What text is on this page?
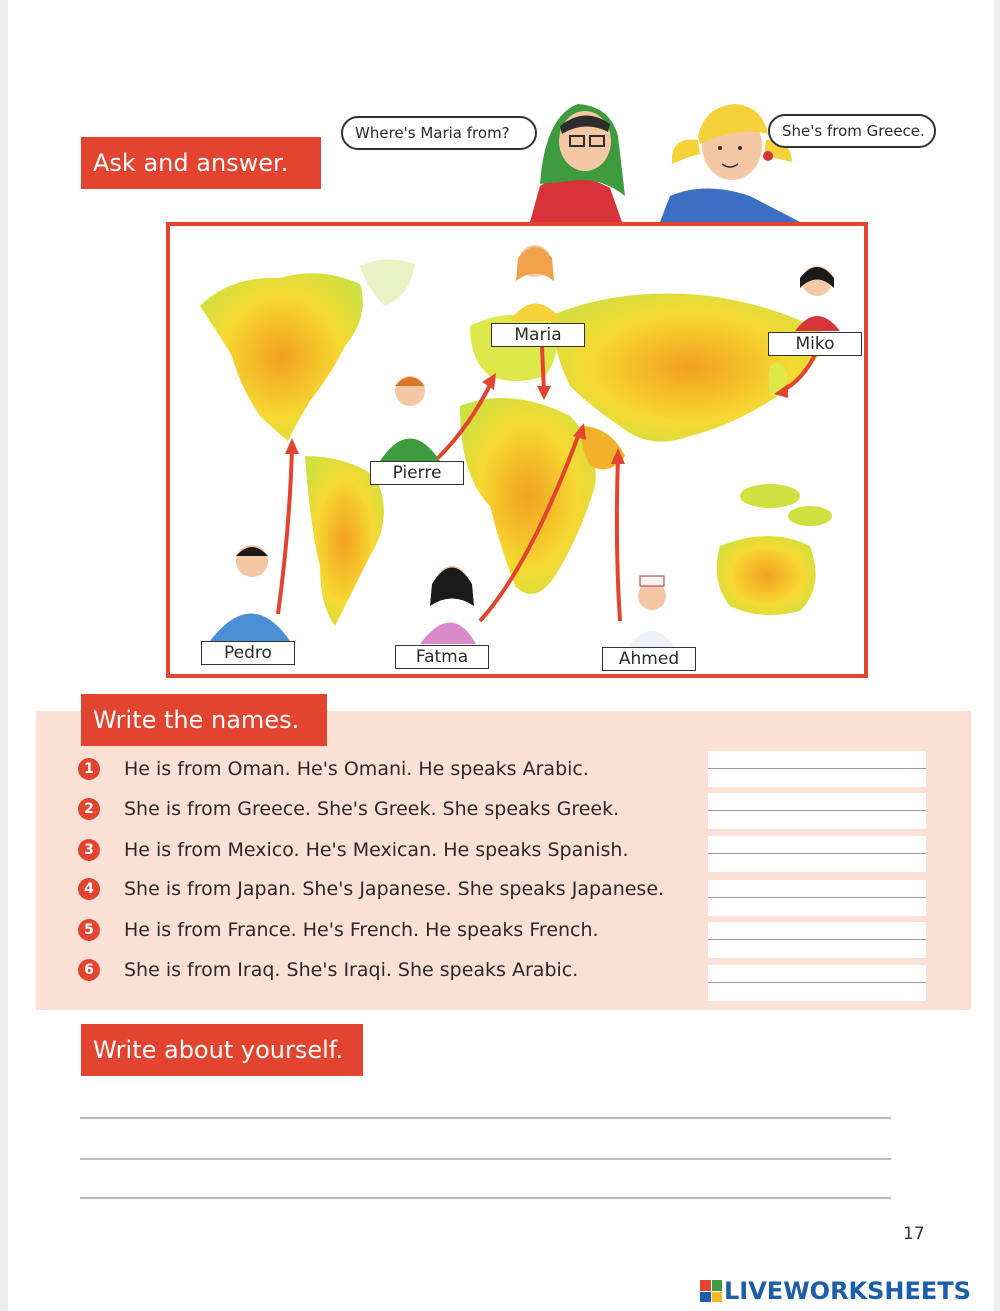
Ask and answer.
Where's Maria from?	She's from Greece.
Maria	Miko
Pierre
Pedro	Fatma	Ahmed
Write the names.
1	He is from Oman. He's Omani. He speaks Arabic.
2	She is from Greece. She's Greek. She speaks Greek.
3	He is from Mexico. He's Mexican. He speaks Spanish.
4	She is from Japan. She's Japanese. She speaks Japanese.
5	He is from France. He's French. He speaks French.
6	She is from Iraq. She's Iraqi. She speaks Arabic.
Write about yourself.
17
LIVEWORKSHEETS
